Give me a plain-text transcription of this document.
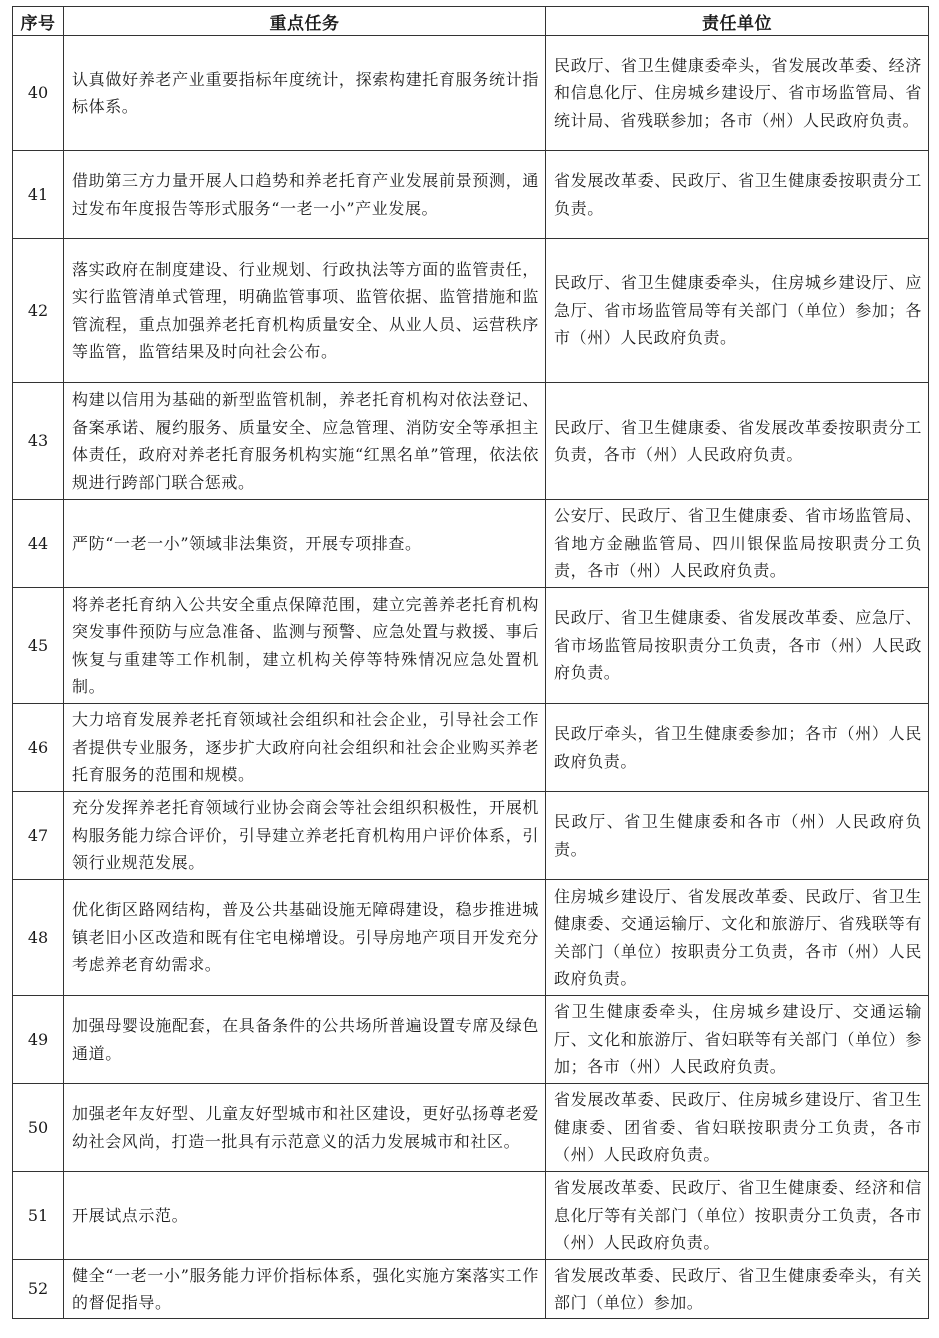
序号	重点任务	责任单位
40	认真做好养老产业重要指标年度统计，探索构建托育服务统计指标体系。	民政厅、省卫生健康委牵头，省发展改革委、经济和信息化厅、住房城乡建设厅、省市场监管局、省统计局、省残联参加；各市（州）人民政府负责。
41	借助第三方力量开展人口趋势和养老托育产业发展前景预测，通过发布年度报告等形式服务“一老一小”产业发展。	省发展改革委、民政厅、省卫生健康委按职责分工负责。
42	落实政府在制度建设、行业规划、行政执法等方面的监管责任，实行监管清单式管理，明确监管事项、监管依据、监管措施和监管流程，重点加强养老托育机构质量安全、从业人员、运营秩序等监管，监管结果及时向社会公布。	民政厅、省卫生健康委牵头，住房城乡建设厅、应急厅、省市场监管局等有关部门（单位）参加；各市（州）人民政府负责。
43	构建以信用为基础的新型监管机制，养老托育机构对依法登记、备案承诺、履约服务、质量安全、应急管理、消防安全等承担主体责任，政府对养老托育服务机构实施“红黑名单”管理，依法依规进行跨部门联合惩戒。	民政厅、省卫生健康委、省发展改革委按职责分工负责，各市（州）人民政府负责。
44	严防“一老一小”领域非法集资，开展专项排查。	公安厅、民政厅、省卫生健康委、省市场监管局、省地方金融监管局、四川银保监局按职责分工负责，各市（州）人民政府负责。
45	将养老托育纳入公共安全重点保障范围，建立完善养老托育机构突发事件预防与应急准备、监测与预警、应急处置与救援、事后恢复与重建等工作机制，建立机构关停等特殊情况应急处置机制。	民政厅、省卫生健康委、省发展改革委、应急厅、省市场监管局按职责分工负责，各市（州）人民政府负责。
46	大力培育发展养老托育领域社会组织和社会企业，引导社会工作者提供专业服务，逐步扩大政府向社会组织和社会企业购买养老托育服务的范围和规模。	民政厅牵头，省卫生健康委参加；各市（州）人民政府负责。
47	充分发挥养老托育领域行业协会商会等社会组织积极性，开展机构服务能力综合评价，引导建立养老托育机构用户评价体系，引领行业规范发展。	民政厅、省卫生健康委和各市（州）人民政府负责。
48	优化街区路网结构，普及公共基础设施无障碍建设，稳步推进城镇老旧小区改造和既有住宅电梯增设。引导房地产项目开发充分考虑养老育幼需求。	住房城乡建设厅、省发展改革委、民政厅、省卫生健康委、交通运输厅、文化和旅游厅、省残联等有关部门（单位）按职责分工负责，各市（州）人民政府负责。
49	加强母婴设施配套，在具备条件的公共场所普遍设置专席及绿色通道。	省卫生健康委牵头，住房城乡建设厅、交通运输厅、文化和旅游厅、省妇联等有关部门（单位）参加；各市（州）人民政府负责。
50	加强老年友好型、儿童友好型城市和社区建设，更好弘扬尊老爱幼社会风尚，打造一批具有示范意义的活力发展城市和社区。	省发展改革委、民政厅、住房城乡建设厅、省卫生健康委、团省委、省妇联按职责分工负责，各市（州）人民政府负责。
51	开展试点示范。	省发展改革委、民政厅、省卫生健康委、经济和信息化厅等有关部门（单位）按职责分工负责，各市（州）人民政府负责。
52	健全“一老一小”服务能力评价指标体系，强化实施方案落实工作的督促指导。	省发展改革委、民政厅、省卫生健康委牵头，有关部门（单位）参加。
